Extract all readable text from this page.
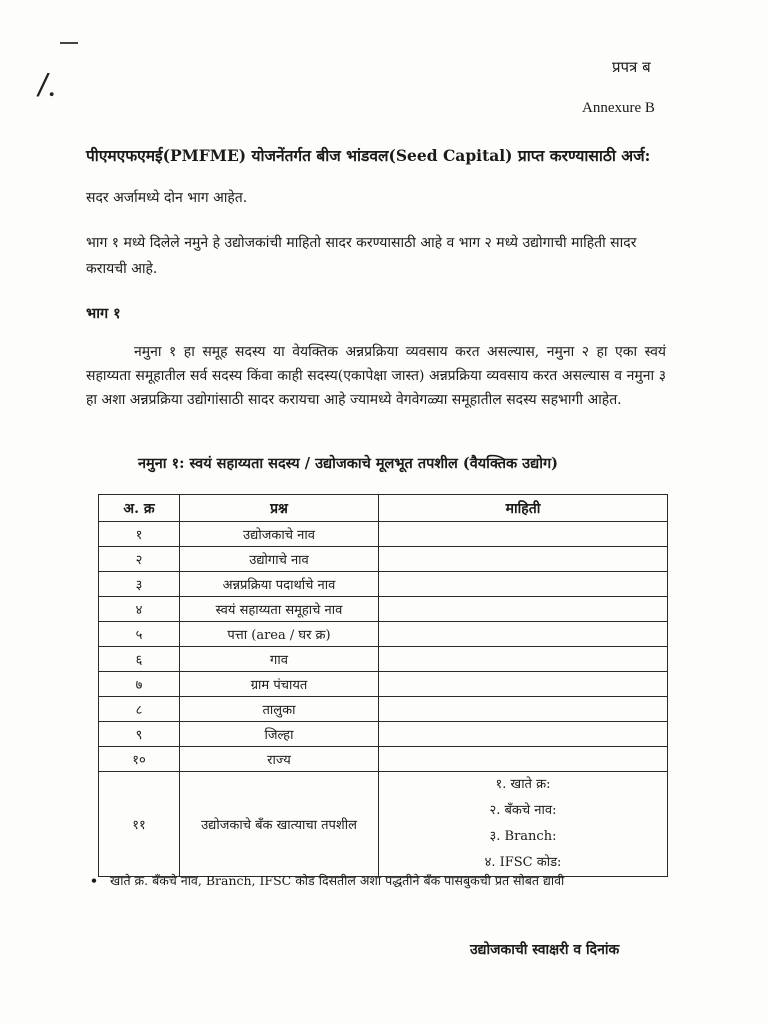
/.	प्रपत्र ब
Annexure B
पीएमएफएमई(PMFME) योजनेंतर्गत बीज भांडवल(Seed Capital) प्राप्त करण्यासाठी अर्ज:
सदर अर्जामध्ये दोन भाग आहेत.
भाग १ मध्ये दिलेले नमुने हे उद्योजकांची माहितो सादर करण्यासाठी आहे व भाग २ मध्ये उद्योगाची माहिती सादर करायची आहे.
भाग १
नमुना १ हा समूह सदस्य या वेयक्तिक अन्नप्रक्रिया व्यवसाय करत असल्यास, नमुना २ हा एका स्वयं सहाय्यता समूहातील सर्व सदस्य किंवा काही सदस्य(एकापेक्षा जास्त) अन्नप्रक्रिया व्यवसाय करत असल्यास व नमुना ३ हा अशा अन्नप्रक्रिया उद्योगांसाठी सादर करायचा आहे ज्यामध्ये वेगवेगळ्या समूहातील सदस्य सहभागी आहेत.
नमुना १: स्वयं सहाय्यता सदस्य / उद्योजकाचे मूलभूत तपशील (वैयक्तिक उद्योग)
अ. क्र	प्रश्न	माहिती
१	उद्योजकाचे नाव	
२	उद्योगाचे नाव	
३	अन्नप्रक्रिया पदार्थाचे नाव	
४	स्वयं सहाय्यता समूहाचे नाव	
५	पत्ता (area / घर क्र)	
६	गाव	
७	ग्राम पंचायत	
८	तालुका	
९	जिल्हा	
१०	राज्य	
११	उद्योजकाचे बँक खात्याचा तपशील	१. खाते क्र:
२. बँकचे नाव:
३. Branch:
४. IFSC कोड:
• खाते क्र. बँकचे नाव, Branch, IFSC कोड दिसतील अशा पद्धतीने बँक पासबुकची प्रत सोबत द्यावी
उद्योजकाची स्वाक्षरी व दिनांक
